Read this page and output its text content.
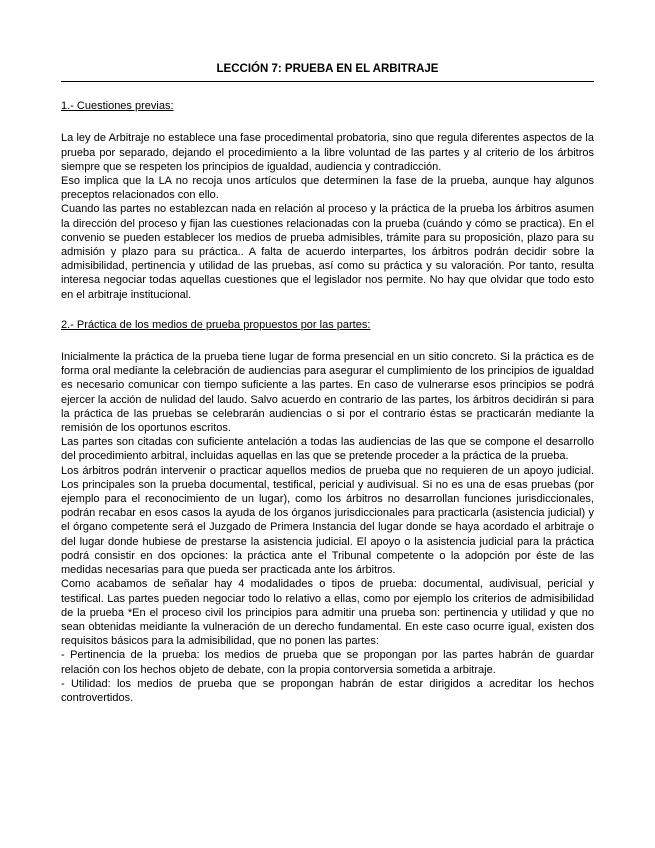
LECCIÓN 7: PRUEBA EN EL ARBITRAJE
1.- Cuestiones previas:

La ley de Arbitraje no establece una fase procedimental probatoria, sino que regula diferentes aspectos de la prueba por separado, dejando el procedimiento a la libre voluntad de las partes y al criterio de los árbitros siempre que se respeten los principios de igualdad, audiencia y contradicción.

Eso implica que la LA no recoja unos artículos que determinen la fase de la prueba, aunque hay algunos preceptos relacionados con ello.

Cuando las partes no establezcan nada en relación al proceso y la práctica de la prueba los árbitros asumen la dirección del proceso y fijan las cuestiones relacionadas con la prueba (cuándo y cómo se practica). En el convenio se pueden establecer los medios de prueba admisibles, trámite para su proposición, plazo para su admisión y plazo para su práctica.. A falta de acuerdo interpartes, los árbitros podrán decidir sobre la admisibilidad, pertinencia y utilidad de las pruebas, así como su práctica y su valoración. Por tanto, resulta interesa negociar todas aquellas cuestiones que el legislador nos permite. No hay que olvidar que todo esto en el arbitraje institucional.

2.- Práctica de los medios de prueba propuestos por las partes:

Inicialmente la práctica de la prueba tiene lugar de forma presencial en un sitio concreto. Si la práctica es de forma oral mediante la celebración de audiencias para asegurar el cumplimiento de los principios de igualdad es necesario comunicar con tiempo suficiente a las partes. En caso de vulnerarse esos principios se podrá ejercer la acción de nulidad del laudo. Salvo acuerdo en contrario de las partes, los árbitros decidirán si para la práctica de las pruebas se celebrarán audiencias o si por el contrario éstas se practicarán mediante la remisión de los oportunos escritos.

Las partes son citadas con suficiente antelación a todas las audiencias de las que se compone el desarrollo del procedimiento arbitral, incluidas aquellas en las que se pretende proceder a la práctica de la prueba.

Los árbitros podrán intervenir o practicar aquellos medios de prueba que no requieren de un apoyo judicial. Los principales son la prueba documental, testifical, pericial y audivisual. Si no es una de esas pruebas (por ejemplo para el reconocimiento de un lugar), como los árbitros no desarrollan funciones jurisdiccionales, podrán recabar en esos casos la ayuda de los órganos jurisdiccionales para practicarla (asistencia judicial) y el órgano competente será el Juzgado de Primera Instancia del lugar donde se haya acordado el arbitraje o del lugar donde hubiese de prestarse la asistencia judicial. El apoyo o la asistencia judicial para la práctica podrá consistir en dos opciones: la práctica ante el Tribunal competente o la adopción por éste de las medidas necesarias para que pueda ser practicada ante los árbitros.

Como acabamos de señalar hay 4 modalidades o tipos de prueba: documental, audivisual, pericial y testifical. Las partes pueden negociar todo lo relativo a ellas, como por ejemplo los criterios de admisibilidad de la prueba *En el proceso civil los principios para admitir una prueba son: pertinencia y utilidad y que no sean obtenidas meidiante la vulneración de un derecho fundamental. En este caso ocurre igual, existen dos requisitos básicos para la admisibilidad, que no ponen las partes:

- Pertinencia de la prueba: los medios de prueba que se propongan por las partes habrán de guardar relación con los hechos objeto de debate, con la propia contorversia sometida a arbitraje.

- Utilidad: los medios de prueba que se propongan habrán de estar dirigidos a acreditar los hechos controvertidos.
